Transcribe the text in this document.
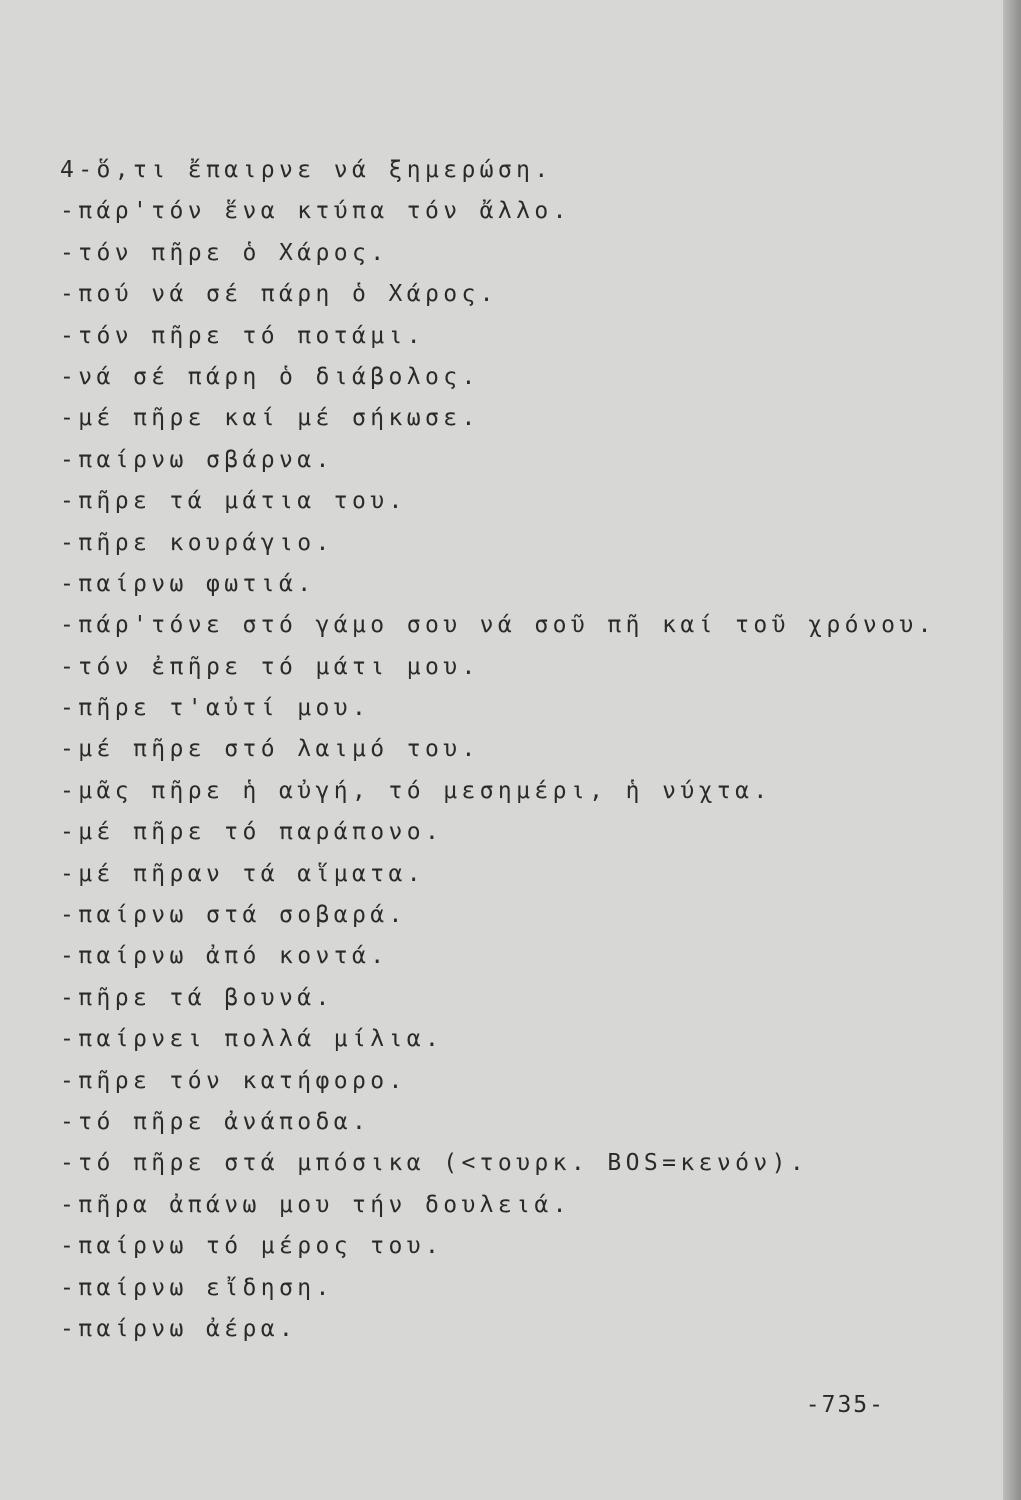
4-ὅ,τι ἔπαιρνε νά ξημερώση.
-πάρ'τόν ἕνα κτύπα τόν ἄλλο.
-τόν πῆρε ὁ Χάρος.
-πού νά σέ πάρη ὁ Χάρος.
-τόν πῆρε τό ποτάμι.
-νά σέ πάρη ὁ διάβολος.
-μέ πῆρε καί μέ σήκωσε.
-παίρνω σβάρνα.
-πῆρε τά μάτια του.
-πῆρε κουράγιο.
-παίρνω φωτιά.
-πάρ'τόνε στό γάμο σου νά σοῦ πῆ καί τοῦ χρόνου.
-τόν ἐπῆρε τό μάτι μου.
-πῆρε τ'αὐτί μου.
-μέ πῆρε στό λαιμό του.
-μᾶς πῆρε ἡ αὐγή, τό μεσημέρι, ἡ νύχτα.
-μέ πῆρε τό παράπονο.
-μέ πῆραν τά αἵματα.
-παίρνω στά σοβαρά.
-παίρνω ἀπό κοντά.
-πῆρε τά βουνά.
-παίρνει πολλά μίλια.
-πῆρε τόν κατήφορο.
-τό πῆρε ἀνάποδα.
-τό πῆρε στά μπόσικα (<τουρκ. BOS=κενόν).
-πῆρα ἀπάνω μου τήν δουλειά.
-παίρνω τό μέρος του.
-παίρνω εἴδηση.
-παίρνω ἀέρα.
-735-
